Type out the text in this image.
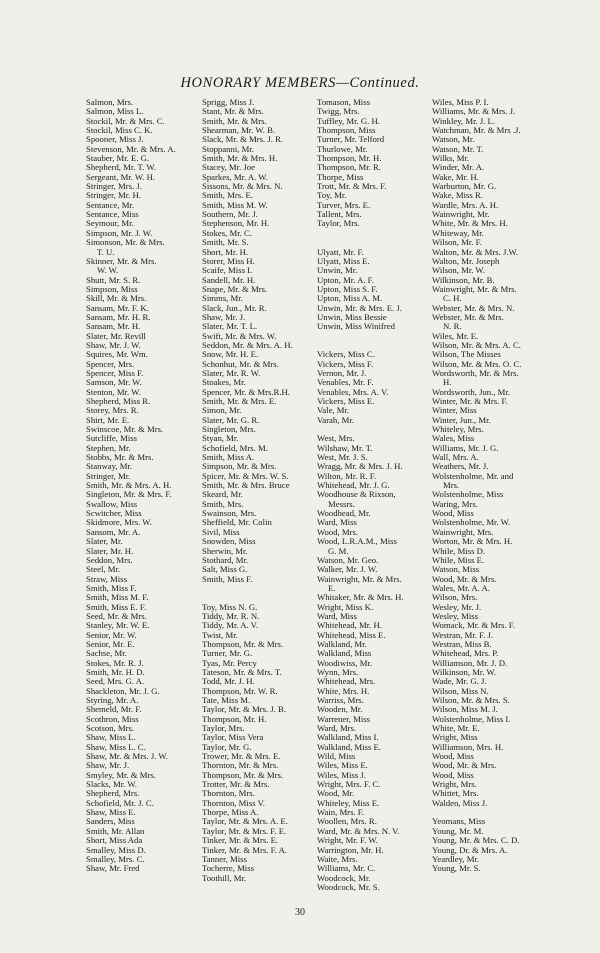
HONORARY MEMBERS—Continued.
Salmon, Mrs.
Salmon, Miss L.
Stockil, Mr. & Mrs. C.
Stockil, Miss C. K.
Spooner, Miss J.
Stevenson, Mr. & Mrs. A.
Stauber, Mr. E. G.
Shepherd, Mr. T. W.
Sergeant, Mr. W. H.
Stringer, Mrs. J.
Stringer, Mr. H.
Sentance, Mr.
Sentance, Miss
Seymour, Mr.
Simpson, Mr. J. W.
Simonson, Mr. & Mrs.
T. U.
Skinner, Mr. & Mrs.
W. W.
Shutt, Mr. S. R.
Simpson, Miss
Skill, Mr. & Mrs.
Sansam, Mr. F. K.
Sansam, Mr. H. R.
Sansam, Mr. H.
Slater, Mr. Revill
Shaw, Mr. J. W.
Squires, Mr. Wm.
Spencer, Mrs.
Spencer, Miss F.
Samson, Mr. W.
Stenton, Mr. W.
Shepherd, Miss R.
Storey, Mrs. R.
Shirt, Mr. E.
Swinscoe, Mr. & Mrs.
Sutcliffe, Miss
Stephen, Mr.
Stobbs, Mr. & Mrs.
Stanway, Mr.
Stringer, Mr.
Smith, Mr. & Mrs. A. H.
Singleton, Mr. & Mrs. F.
Swallow, Miss
Scwitcher, Miss
Skidmore, Mrs. W.
Sansom, Mr. A.
Slater, Mr.
Slater, Mr. H.
Seddon, Mrs.
Steel, Mr.
Straw, Miss
Smith, Miss F.
Smith, Miss M. F.
Smith, Miss E. F.
Seed, Mr. & Mrs.
Stanley, Mr. W. E.
Senior, Mr. W.
Senior, Mr. E.
Sachse, Mr.
Stokes, Mr. R. J.
Smith, Mr. H. D.
Seed, Mrs. G. A.
Shackleton, Mr. J. G.
Styring, Mr. A.
Shemeld, Mr. F.
Scothron, Miss
Scotson, Mrs.
Shaw, Miss L.
Shaw, Miss L. C.
Shaw, Mr. & Mrs. J. W.
Shaw, Mr. J.
Smyley, Mr. & Mrs.
Slacks, Mr. W.
Shepherd, Mrs.
Schofield, Mr. J. C.
Shaw, Miss E.
Sanders, Miss
Smith, Mr. Allan
Short, Miss Ada
Smalley, Miss D.
Smalley, Mrs. C.
Shaw, Mr. Fred
Sprigg, Miss J.
Stant, Mr. & Mrs.
Smith, Mr. & Mrs.
Shearman, Mr. W. B.
Slack, Mr. & Mrs. J. R.
Stoppanni, Mr.
Smith, Mr. & Mrs. H.
Stacey, Mr. Joe
Sparkes, Mr. A. W.
Sissons, Mr. & Mrs. N.
Smith, Mrs. E.
Smith, Miss M. W.
Southern, Mr. J.
Stephenson, Mr. H.
Stokes, Mr. C.
Smith, Mr. S.
Short, Mr. H.
Storer, Miss H.
Scaife, Miss I.
Sandell, Mr. H.
Snape, Mr. & Mrs.
Simms, Mr.
Slack, Jun., Mr. R.
Shaw, Mr. J.
Slater, Mr. T. L.
Swift, Mr. & Mrs. W.
Seddon, Mr. & Mrs. A. H.
Snow, Mr. H. E.
Schonhut, Mr. & Mrs.
Slater, Mr. R. W.
Stoakes, Mr.
Spencer, Mr. & Mrs.R.H.
Smith, Mr. & Mrs. E.
Simon, Mr.
Slater, Mr. G. R.
Singleton, Mrs.
Styan, Mr.
Schofield, Mrs. M.
Smith, Miss A.
Simpson, Mr. & Mrs.
Spicer, Mr. & Mrs. W. S.
Smith, Mr. & Mrs. Bruce
Skeard, Mr.
Smith, Mrs.
Swainson, Mrs.
Sheffield, Mr. Colin
Sivil, Miss
Snowden, Miss
Sherwin, Mr.
Stothard, Mr.
Salt, Miss G.
Smith, Miss F.
Toy, Miss N. G.
Tiddy, Mr. R. N.
Tiddy, Mr. A. V.
Twist, Mr.
Thompson, Mr. & Mrs.
Turner, Mr. G.
Tyas, Mr. Percy
Tateson, Mr. & Mrs. T.
Todd, Mr. J. H.
Thompson, Mr. W. R.
Tate, Miss M.
Taylor, Mr. & Mrs. J. B.
Thompson, Mr. H.
Taylor, Mrs.
Taylor, Miss Vera
Taylor, Mr. G.
Trower, Mr. & Mrs. E.
Thornton, Mr. & Mrs.
Thompson, Mr. & Mrs.
Trotter, Mr. & Mrs.
Thornton, Mrs.
Thornton, Miss V.
Thorpe, Miss A.
Taylor, Mr. & Mrs. A. E.
Taylor, Mr. & Mrs. F. E.
Tinker, Mr. & Mrs. E.
Tinker, Mr. & Mrs. F. A.
Tanner, Miss
Tocherre, Miss
Toothill, Mr.
Tomason, Miss
Twigg, Mrs.
Tuffley, Mr. G. H.
Thompson, Miss
Turner, Mr. Telford
Thurlowe, Mr.
Thompson, Mr. H.
Thompson, Mr. R.
Thorpe, Miss
Trott, Mr. & Mrs. F.
Toy, Mr.
Turver, Mrs. E.
Tallent, Mrs.
Taylor, Mrs.
Ulyatt, Mr. F.
Ulyatt, Miss E.
Unwin, Mr.
Upton, Mr. A. F.
Upton, Miss S. F.
Upton, Miss A. M.
Unwin, Mr. & Mrs. E. J.
Unwin, Miss Bessie
Unwin, Miss Winifred
Vickers, Miss C.
Vickers, Miss F.
Vernon, Mr. J.
Venables, Mr. F.
Venables, Mrs. A. V.
Vickers, Miss E.
Vale, Mr.
Varah, Mr.
West, Mrs.
Wilshaw, Mr. T.
West, Mr. J. S.
Wragg, Mr. & Mrs. J. H.
Wilton, Mr. R. F.
Whitehead, Mr. J. G.
Woodhouse & Rixson,
Messrs.
Woodhead, Mr.
Ward, Miss
Wood, Mrs.
Wood, L.R.A.M., Miss
G. M.
Watson, Mr. Geo.
Walker, Mr. J. W.
Wainwright, Mr. & Mrs.
E.
Whitaker, Mr. & Mrs. H.
Wright, Miss K.
Ward, Miss
Whitehead, Mr. H.
Whitehead, Miss E.
Walkland, Mr.
Walkland, Miss
Woodiwiss, Mr.
Wynn, Mrs.
Whitehead, Mrs.
White, Mrs. H.
Warriss, Mrs.
Wooden, Mr.
Warrener, Miss
Ward, Mrs.
Walkland, Miss I.
Walkland, Miss E.
Wild, Miss
Wiles, Miss E.
Wiles, Miss J.
Wright, Mrs. F. C.
Wood, Mr.
Whiteley, Miss E.
Wain, Mrs. F.
Woollen, Mrs. R.
Ward, Mr. & Mrs. N. V.
Wright, Mr. F. W.
Warrington, Mr. H.
Waite, Mrs.
Williams, Mr. C.
Woodcock, Mr.
Woodcock, Mr. S.
Wiles, Miss P. I.
Williams, Mr. & Mrs. J.
Winkley, Mr. J. L.
Watchman, Mr. & Mrs .J.
Watson, Mr.
Watson, Mr. T.
Wilks, Mr.
Winder, Mr. A.
Wake, Mr. H.
Warburton, Mr. G.
Wake, Miss R.
Wardle, Mrs. A. H.
Wainwright, Mr.
White, Mr. & Mrs. H.
Whiteway, Mr.
Wilson, Mr. F.
Walton, Mr. & Mrs. J.W.
Walton, Mr. Joseph
Wilson, Mr. W.
Wilkinson, Mr. B.
Wainwright, Mr. & Mrs.
C. H.
Webster, Mr. & Mrs. N.
Webster, Mr. & Mrs.
N. R.
Wiles, Mr. E.
Wilson, Mr. & Mrs. A. C.
Wilson, The Misses
Wilson, Mr. & Mrs. O. C.
Wordsworth, Mr. & Mrs.
H.
Wordsworth, Jun., Mr.
Winter, Mr. & Mrs. F.
Winter, Miss
Winter, Jun., Mr.
Whiteley, Mrs.
Wales, Miss
Williams, Mr. J. G.
Wall, Mrs. A.
Weathers, Mr. J.
Wolstenholme, Mr. and
Mrs.
Wolstenholme, Miss
Waring, Mrs.
Wood, Miss
Wolstenholme, Mr. W.
Wainwright, Mrs.
Worton, Mr. & Mrs. H.
While, Miss D.
While, Miss E.
Watson, Miss
Wood, Mr. & Mrs.
Wales, Mr. A. A.
Wilson, Mrs.
Wesley, Mr. J.
Wesley, Miss
Womack, Mr. & Mrs. F.
Westran, Mr. F. J.
Westran, Miss B.
Whitehead, Mrs. P.
Williamson, Mr. J. D.
Wilkinson, Mr. W.
Wade, Mr. G. J.
Wilson, Miss N.
Wilson, Mr. & Mrs. S.
Wilson, Miss M. J.
Wolstenholme, Miss I.
White, Mr. E.
Wright, Miss
Williamson, Mrs. H.
Wood, Miss
Wood, Mr. & Mrs.
Wood, Miss
Wright, Mrs.
Whittet, Mrs.
Walden, Miss J.
Yeomans, Miss
Young, Mr. M.
Young, Mr. & Mrs. C. D.
Young, Dr. & Mrs. A.
Yeardley, Mr.
Young, Mr. S.
30
